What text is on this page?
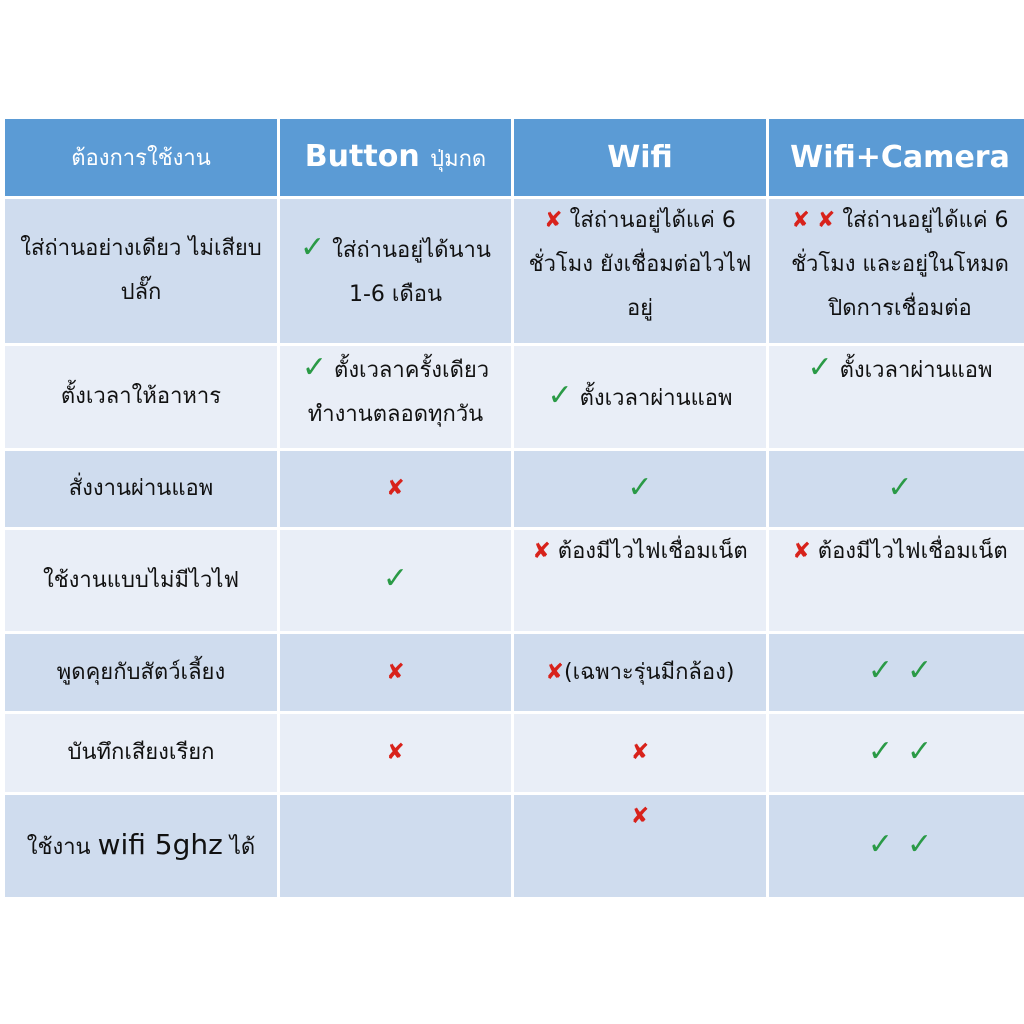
ต้องการใช้งาน	Button ปุ่มกด	Wifi	Wifi+Camera
ใส่ถ่านอย่างเดียว ไม่เสียบปลั๊ก	✓ ใส่ถ่านอยู่ได้นาน 1-6 เดือน	✘ ใส่ถ่านอยู่ได้แค่ 6 ชั่วโมง ยังเชื่อมต่อไวไฟอยู่	✘ ✘ ใส่ถ่านอยู่ได้แค่ 6 ชั่วโมง และอยู่ในโหมดปิดการเชื่อมต่อ
ตั้งเวลาให้อาหาร	✓ ตั้งเวลาครั้งเดียว ทำงานตลอดทุกวัน	✓ ตั้งเวลาผ่านแอพ	✓ ตั้งเวลาผ่านแอพ
สั่งงานผ่านแอพ	✘	✓	✓
ใช้งานแบบไม่มีไวไฟ	✓	✘ ต้องมีไวไฟเชื่อมเน็ต	✘ ต้องมีไวไฟเชื่อมเน็ต
พูดคุยกับสัตว์เลี้ยง	✘	✘(เฉพาะรุ่นมีกล้อง)	✓ ✓
บันทึกเสียงเรียก	✘	✘	✓ ✓
ใช้งาน wifi 5ghz ได้		✘	✓ ✓
